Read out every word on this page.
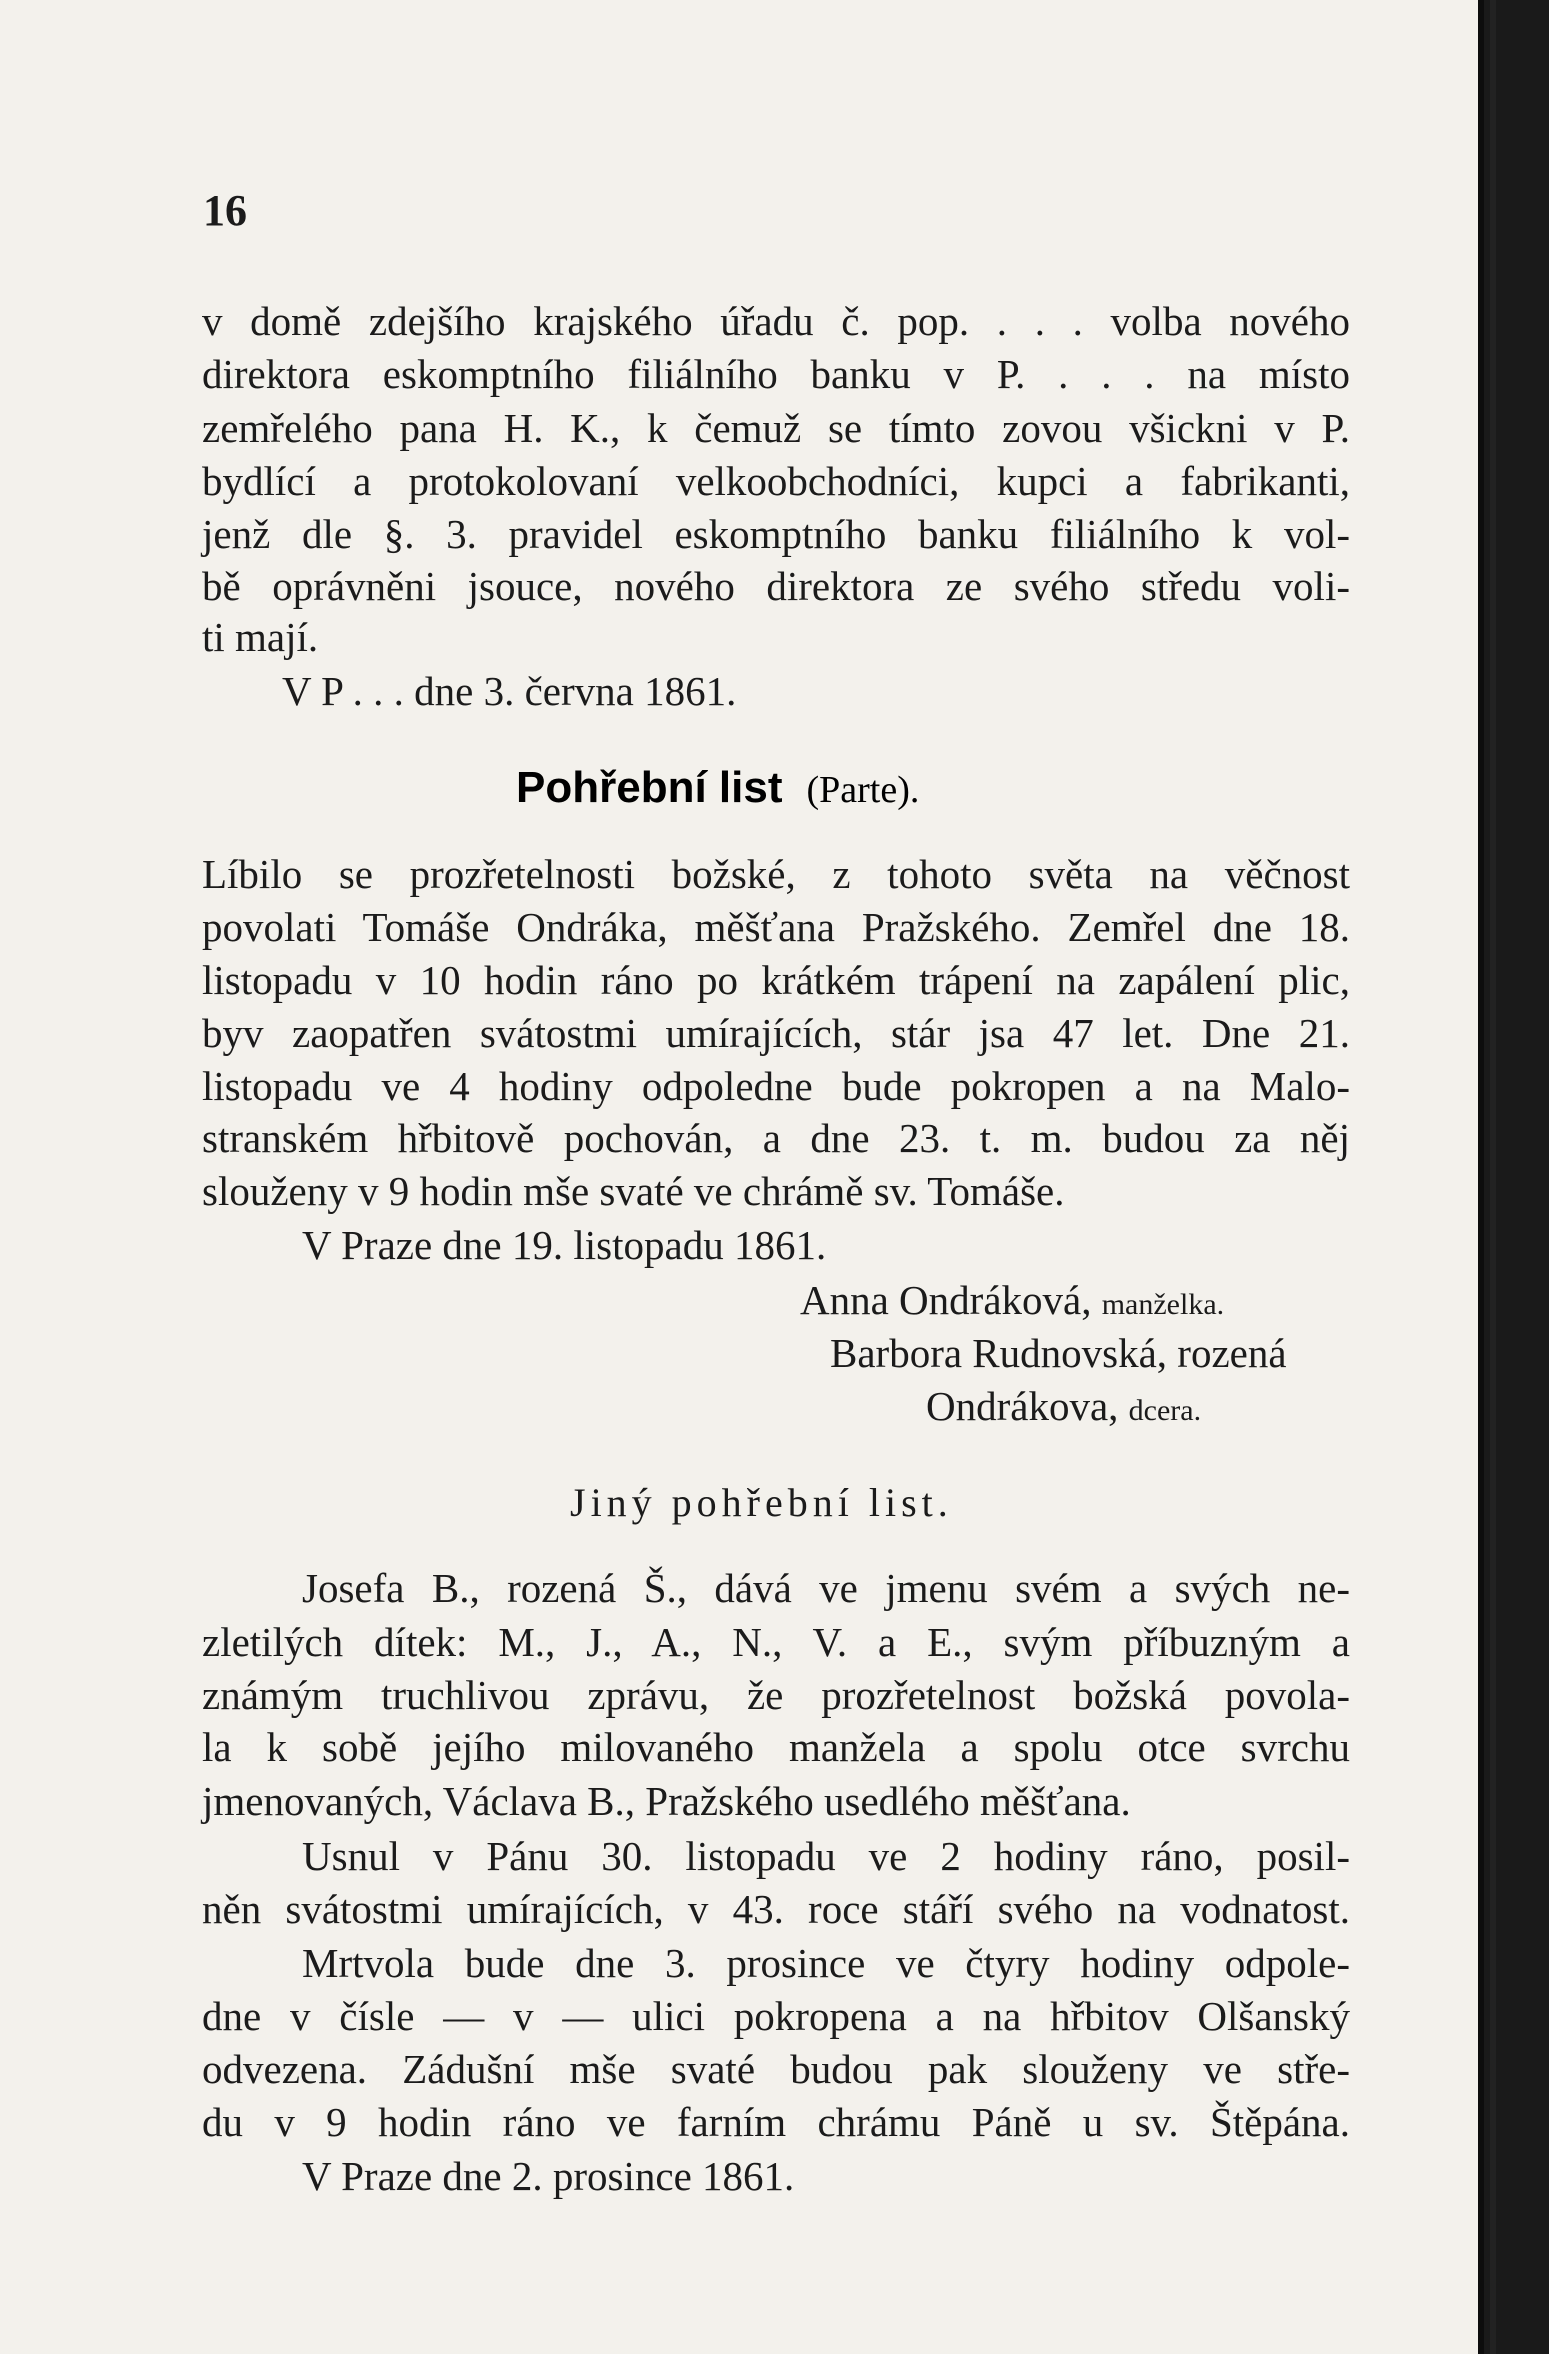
16
v domě zdejšího krajského úřadu č. pop. . . . volba nového
direktora eskomptního filiálního banku v P. . . . na místo
zemřelého pana H. K., k čemuž se tímto zovou všickni v P.
bydlící a protokolovaní velkoobchodníci, kupci a fabrikanti,
jenž dle §. 3. pravidel eskomptního banku filiálního k vol-
bě oprávněni jsouce, nového direktora ze svého středu voli-
ti mají.
V P . . . dne 3. června 1861.
Pohřební list (Parte).
Líbilo se prozřetelnosti božské, z tohoto světa na věčnost
povolati Tomáše Ondráka, měšťana Pražského. Zemřel dne 18.
listopadu v 10 hodin ráno po krátkém trápení na zapálení plic,
byv zaopatřen svátostmi umírajících, stár jsa 47 let. Dne 21.
listopadu ve 4 hodiny odpoledne bude pokropen a na Malo-
stranském hřbitově pochován, a dne 23. t. m. budou za něj
slouženy v 9 hodin mše svaté ve chrámě sv. Tomáše.
V Praze dne 19. listopadu 1861.
Anna Ondráková, manželka.
Barbora Rudnovská, rozená
Ondrákova, dcera.
Jiný pohřební list.
Josefa B., rozená Š., dává ve jmenu svém a svých ne-
zletilých dítek: M., J., A., N., V. a E., svým příbuzným a
známým truchlivou zprávu, že prozřetelnost božská povola-
la k sobě jejího milovaného manžela a spolu otce svrchu
jmenovaných, Václava B., Pražského usedlého měšťana.
Usnul v Pánu 30. listopadu ve 2 hodiny ráno, posil-
něn svátostmi umírajících, v 43. roce stáří svého na vodnatost.
Mrtvola bude dne 3. prosince ve čtyry hodiny odpole-
dne v čísle — v — ulici pokropena a na hřbitov Olšanský
odvezena. Zádušní mše svaté budou pak slouženy ve stře-
du v 9 hodin ráno ve farním chrámu Páně u sv. Štěpána.
V Praze dne 2. prosince 1861.
